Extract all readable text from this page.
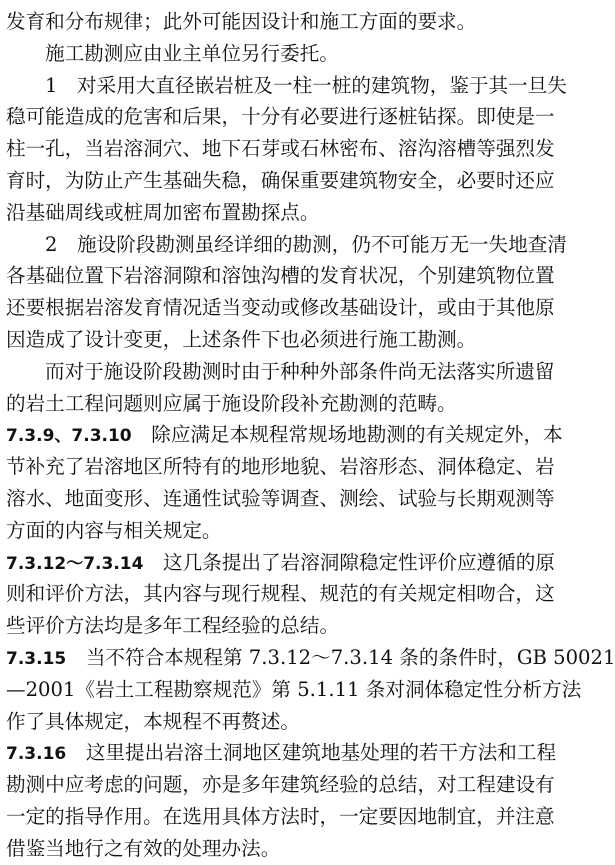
发育和分布规律；此外可能因设计和施工方面的要求。
施工勘测应由业主单位另行委托。
1　对采用大直径嵌岩桩及一柱一桩的建筑物，鉴于其一旦失
稳可能造成的危害和后果，十分有必要进行逐桩钻探。即使是一
柱一孔，当岩溶洞穴、地下石芽或石林密布、溶沟溶槽等强烈发
育时，为防止产生基础失稳，确保重要建筑物安全，必要时还应
沿基础周线或桩周加密布置勘探点。
2　施设阶段勘测虽经详细的勘测，仍不可能万无一失地查清
各基础位置下岩溶洞隙和溶蚀沟槽的发育状况，个别建筑物位置
还要根据岩溶发育情况适当变动或修改基础设计，或由于其他原
因造成了设计变更，上述条件下也必须进行施工勘测。
而对于施设阶段勘测时由于种种外部条件尚无法落实所遗留
的岩土工程问题则应属于施设阶段补充勘测的范畴。
7.3.9、7.3.10　除应满足本规程常规场地勘测的有关规定外，本
节补充了岩溶地区所特有的地形地貌、岩溶形态、洞体稳定、岩
溶水、地面变形、连通性试验等调查、测绘、试验与长期观测等
方面的内容与相关规定。
7.3.12～7.3.14　这几条提出了岩溶洞隙稳定性评价应遵循的原
则和评价方法，其内容与现行规程、规范的有关规定相吻合，这
些评价方法均是多年工程经验的总结。
7.3.15　当不符合本规程第 7.3.12～7.3.14 条的条件时，GB 50021
—2001《岩土工程勘察规范》第 5.1.11 条对洞体稳定性分析方法
作了具体规定，本规程不再赘述。
7.3.16　这里提出岩溶土洞地区建筑地基处理的若干方法和工程
勘测中应考虑的问题，亦是多年建筑经验的总结，对工程建设有
一定的指导作用。在选用具体方法时，一定要因地制宜，并注意
借鉴当地行之有效的处理办法。
